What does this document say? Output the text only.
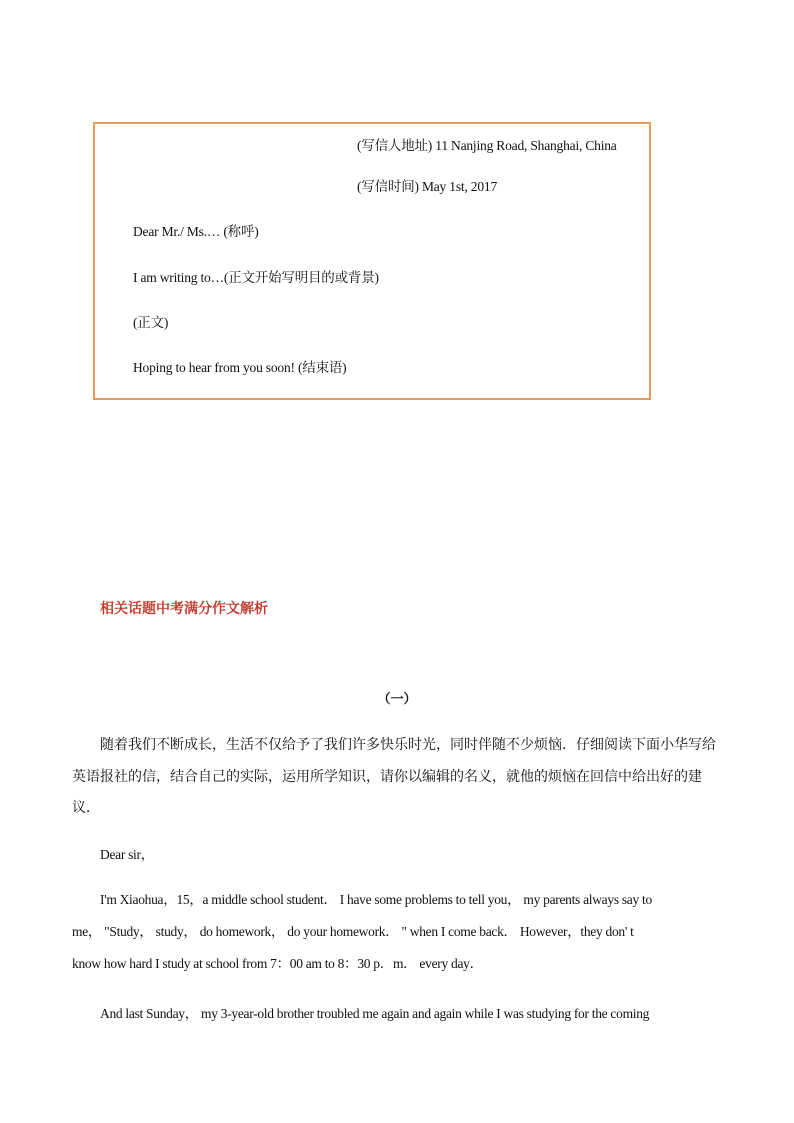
(写信人地址) 11 Nanjing Road, Shanghai, China
(写信时间) May 1st, 2017
Dear Mr./ Ms.… (称呼)
I am writing to…(正文开始写明目的或背景)
(正文)
Hoping to hear from you soon! (结束语)
相关话题中考满分作文解析
（一）
随着我们不断成长，生活不仅给予了我们许多快乐时光，同时伴随不少烦恼．仔细阅读下面小华写给
英语报社的信，结合自己的实际，运用所学知识，请你以编辑的名义，就他的烦恼在回信中给出好的建
议．
Dear sir，
I'm Xiaohua，15，a middle school student． I have some problems to tell you， my parents always say to
me， "Study， study， do homework， do your homework． " when I come back． However，they don' t
know how hard I study at school from 7：00 am to 8：30 p．m． every day．
And last Sunday， my 3-year-old brother troubled me again and again while I was studying for the coming
